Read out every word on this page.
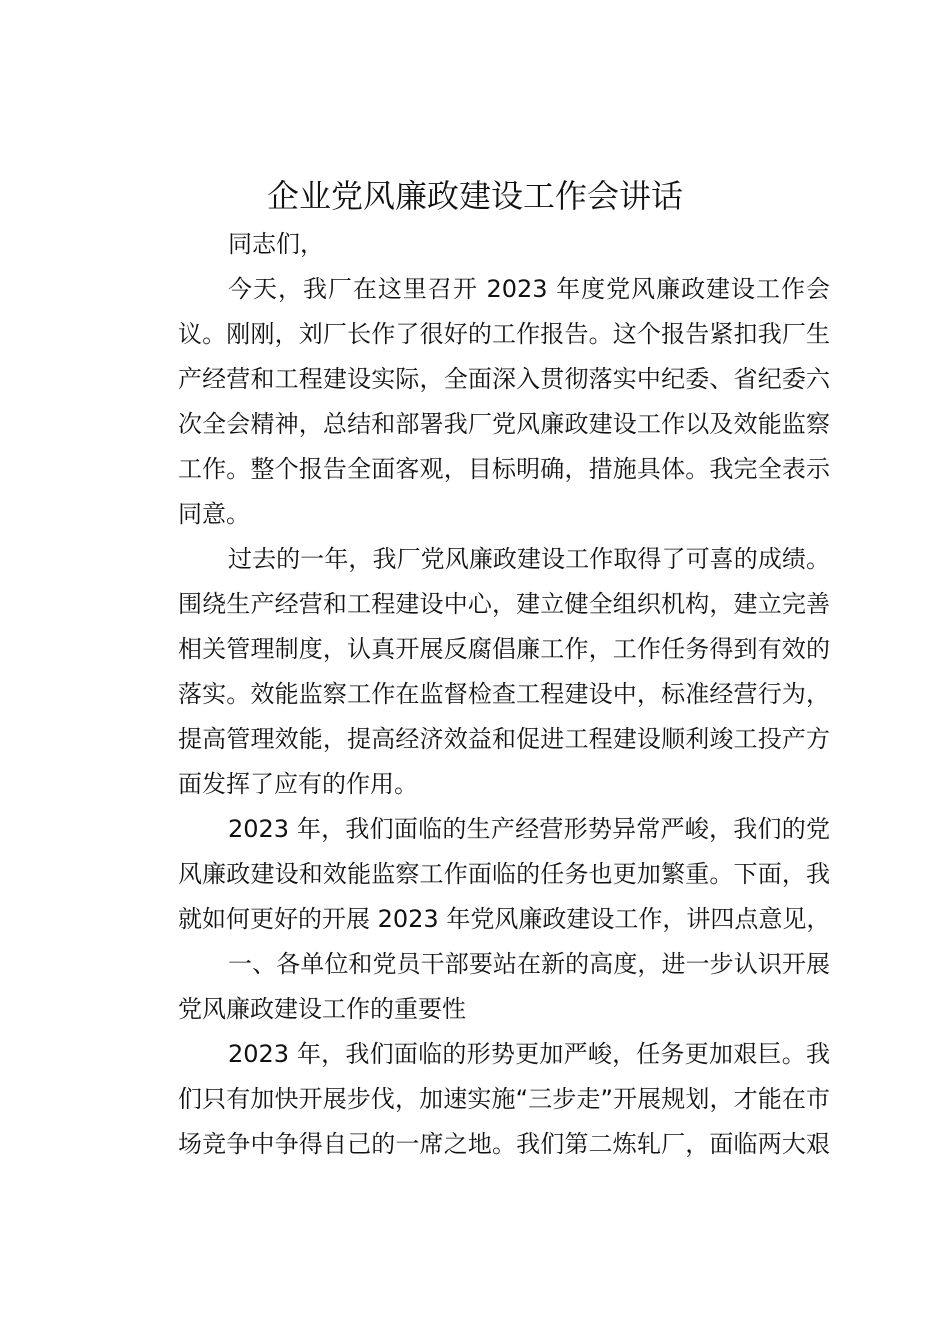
企业党风廉政建设工作会讲话
同志们，
今天，我厂在这里召开 2023 年度党风廉政建设工作会
议。刚刚，刘厂长作了很好的工作报告。这个报告紧扣我厂生
产经营和工程建设实际，全面深入贯彻落实中纪委、省纪委六
次全会精神，总结和部署我厂党风廉政建设工作以及效能监察
工作。整个报告全面客观，目标明确，措施具体。我完全表示
同意。
过去的一年，我厂党风廉政建设工作取得了可喜的成绩。
围绕生产经营和工程建设中心，建立健全组织机构，建立完善
相关管理制度，认真开展反腐倡廉工作，工作任务得到有效的
落实。效能监察工作在监督检查工程建设中，标准经营行为，
提高管理效能，提高经济效益和促进工程建设顺利竣工投产方
面发挥了应有的作用。
2023 年，我们面临的生产经营形势异常严峻，我们的党
风廉政建设和效能监察工作面临的任务也更加繁重。下面，我
就如何更好的开展 2023 年党风廉政建设工作，讲四点意见，
一、各单位和党员干部要站在新的高度，进一步认识开展
党风廉政建设工作的重要性
2023 年，我们面临的形势更加严峻，任务更加艰巨。我
们只有加快开展步伐，加速实施“三步走”开展规划，才能在市
场竞争中争得自己的一席之地。我们第二炼轧厂，面临两大艰
